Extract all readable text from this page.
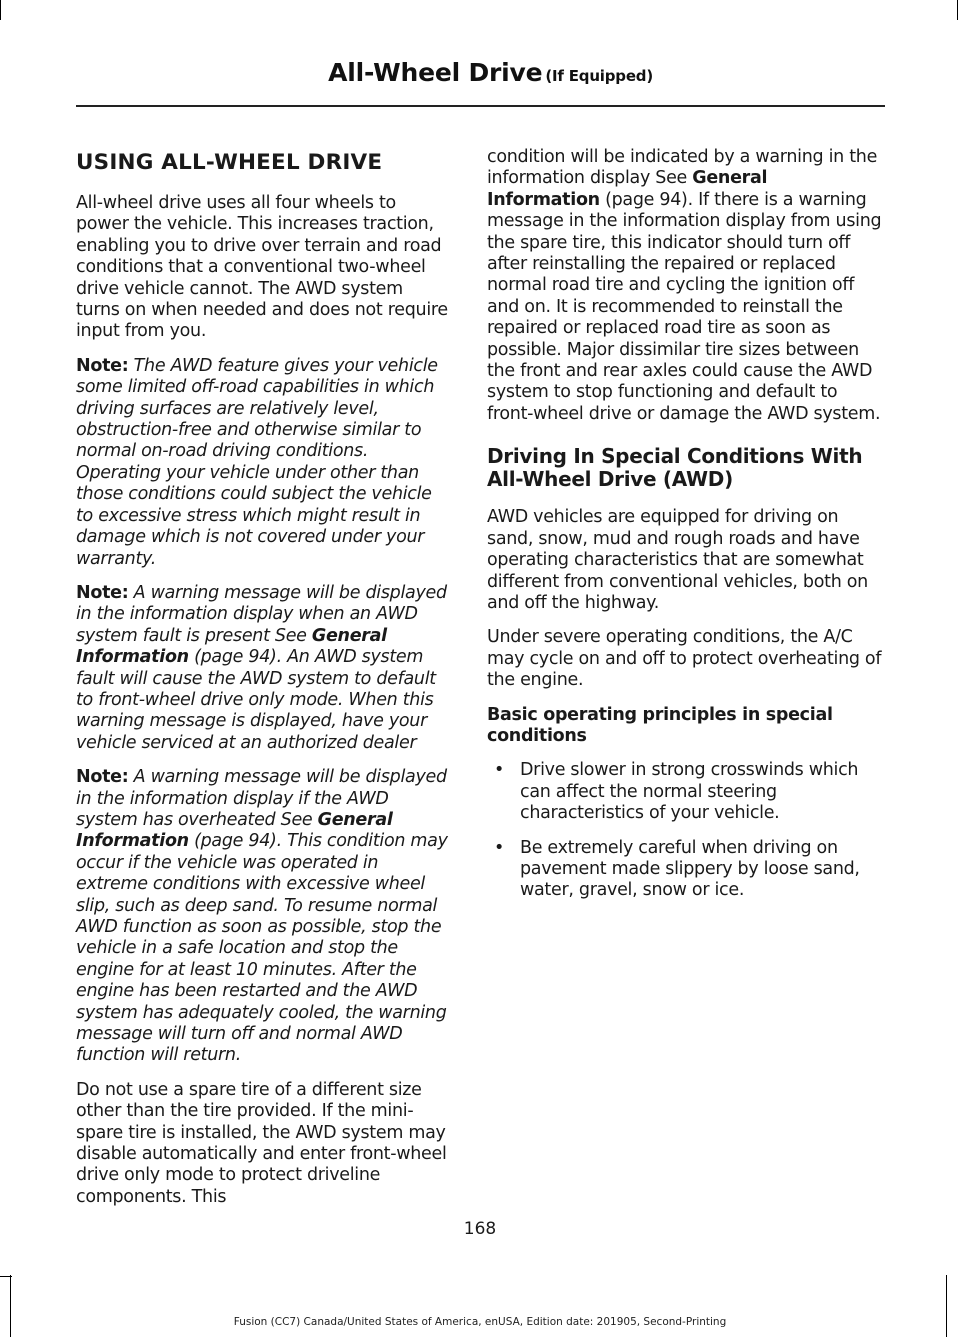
All-Wheel Drive (If Equipped)
USING ALL-WHEEL DRIVE

All-wheel drive uses all four wheels to power the vehicle. This increases traction, enabling you to drive over terrain and road conditions that a conventional two-wheel drive vehicle cannot. The AWD system turns on when needed and does not require input from you.

Note: The AWD feature gives your vehicle some limited off-road capabilities in which driving surfaces are relatively level, obstruction-free and otherwise similar to normal on-road driving conditions. Operating your vehicle under other than those conditions could subject the vehicle to excessive stress which might result in damage which is not covered under your warranty.

Note: A warning message will be displayed in the information display when an AWD system fault is present See General Information (page 94). An AWD system fault will cause the AWD system to default to front-wheel drive only mode. When this warning message is displayed, have your vehicle serviced at an authorized dealer

Note: A warning message will be displayed in the information display if the AWD system has overheated See General Information (page 94). This condition may occur if the vehicle was operated in extreme conditions with excessive wheel slip, such as deep sand. To resume normal AWD function as soon as possible, stop the vehicle in a safe location and stop the engine for at least 10 minutes. After the engine has been restarted and the AWD system has adequately cooled, the warning message will turn off and normal AWD function will return.

Do not use a spare tire of a different size other than the tire provided. If the mini-spare tire is installed, the AWD system may disable automatically and enter front-wheel drive only mode to protect driveline components. This

condition will be indicated by a warning in the information display See General Information (page 94). If there is a warning message in the information display from using the spare tire, this indicator should turn off after reinstalling the repaired or replaced normal road tire and cycling the ignition off and on. It is recommended to reinstall the repaired or replaced road tire as soon as possible. Major dissimilar tire sizes between the front and rear axles could cause the AWD system to stop functioning and default to front-wheel drive or damage the AWD system.

Driving In Special Conditions With All-Wheel Drive (AWD)

AWD vehicles are equipped for driving on sand, snow, mud and rough roads and have operating characteristics that are somewhat different from conventional vehicles, both on and off the highway.

Under severe operating conditions, the A/C may cycle on and off to protect overheating of the engine.

Basic operating principles in special conditions
• Drive slower in strong crosswinds which can affect the normal steering characteristics of your vehicle.
• Be extremely careful when driving on pavement made slippery by loose sand, water, gravel, snow or ice.
168
Fusion (CC7) Canada/United States of America, enUSA, Edition date: 201905, Second-Printing
